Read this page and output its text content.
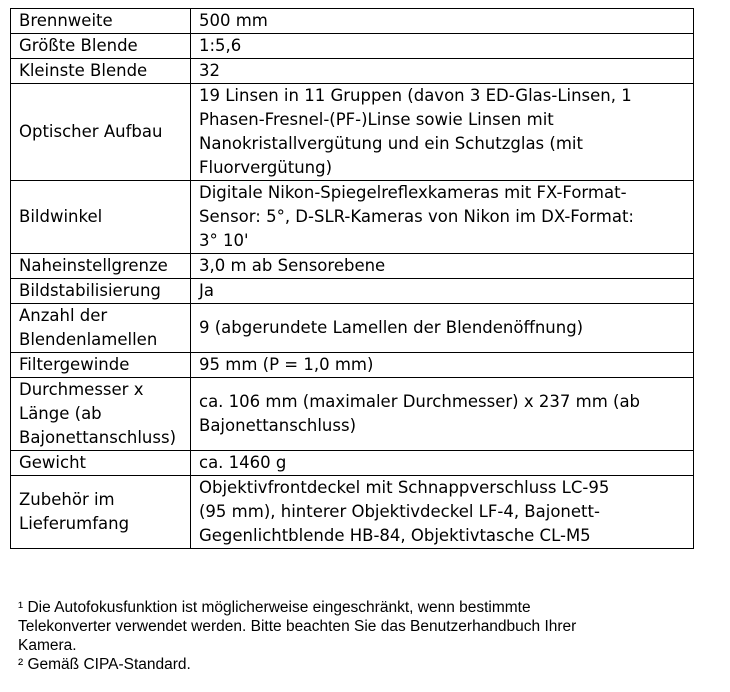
Brennweite	500 mm
Größte Blende	1:5,6
Kleinste Blende	32
Optischer Aufbau	19 Linsen in 11 Gruppen (davon 3 ED-Glas-Linsen, 1
Phasen-Fresnel-(PF-)Linse sowie Linsen mit
Nanokristallvergütung und ein Schutzglas (mit
Fluorvergütung)
Bildwinkel	Digitale Nikon-Spiegelreflexkameras mit FX-Format-
Sensor: 5°, D-SLR-Kameras von Nikon im DX-Format:
3° 10'
Naheinstellgrenze	3,0 m ab Sensorebene
Bildstabilisierung	Ja
Anzahl der
Blendenlamellen	9 (abgerundete Lamellen der Blendenöffnung)
Filtergewinde	95 mm (P = 1,0 mm)
Durchmesser x
Länge (ab
Bajonettanschluss)	ca. 106 mm (maximaler Durchmesser) x 237 mm (ab
Bajonettanschluss)
Gewicht	ca. 1460 g
Zubehör im
Lieferumfang	Objektivfrontdeckel mit Schnappverschluss LC-95
(95 mm), hinterer Objektivdeckel LF-4, Bajonett-
Gegenlichtblende HB-84, Objektivtasche CL-M5

¹ Die Autofokusfunktion ist möglicherweise eingeschränkt, wenn bestimmte
Telekonverter verwendet werden. Bitte beachten Sie das Benutzerhandbuch Ihrer
Kamera.

² Gemäß CIPA-Standard.
